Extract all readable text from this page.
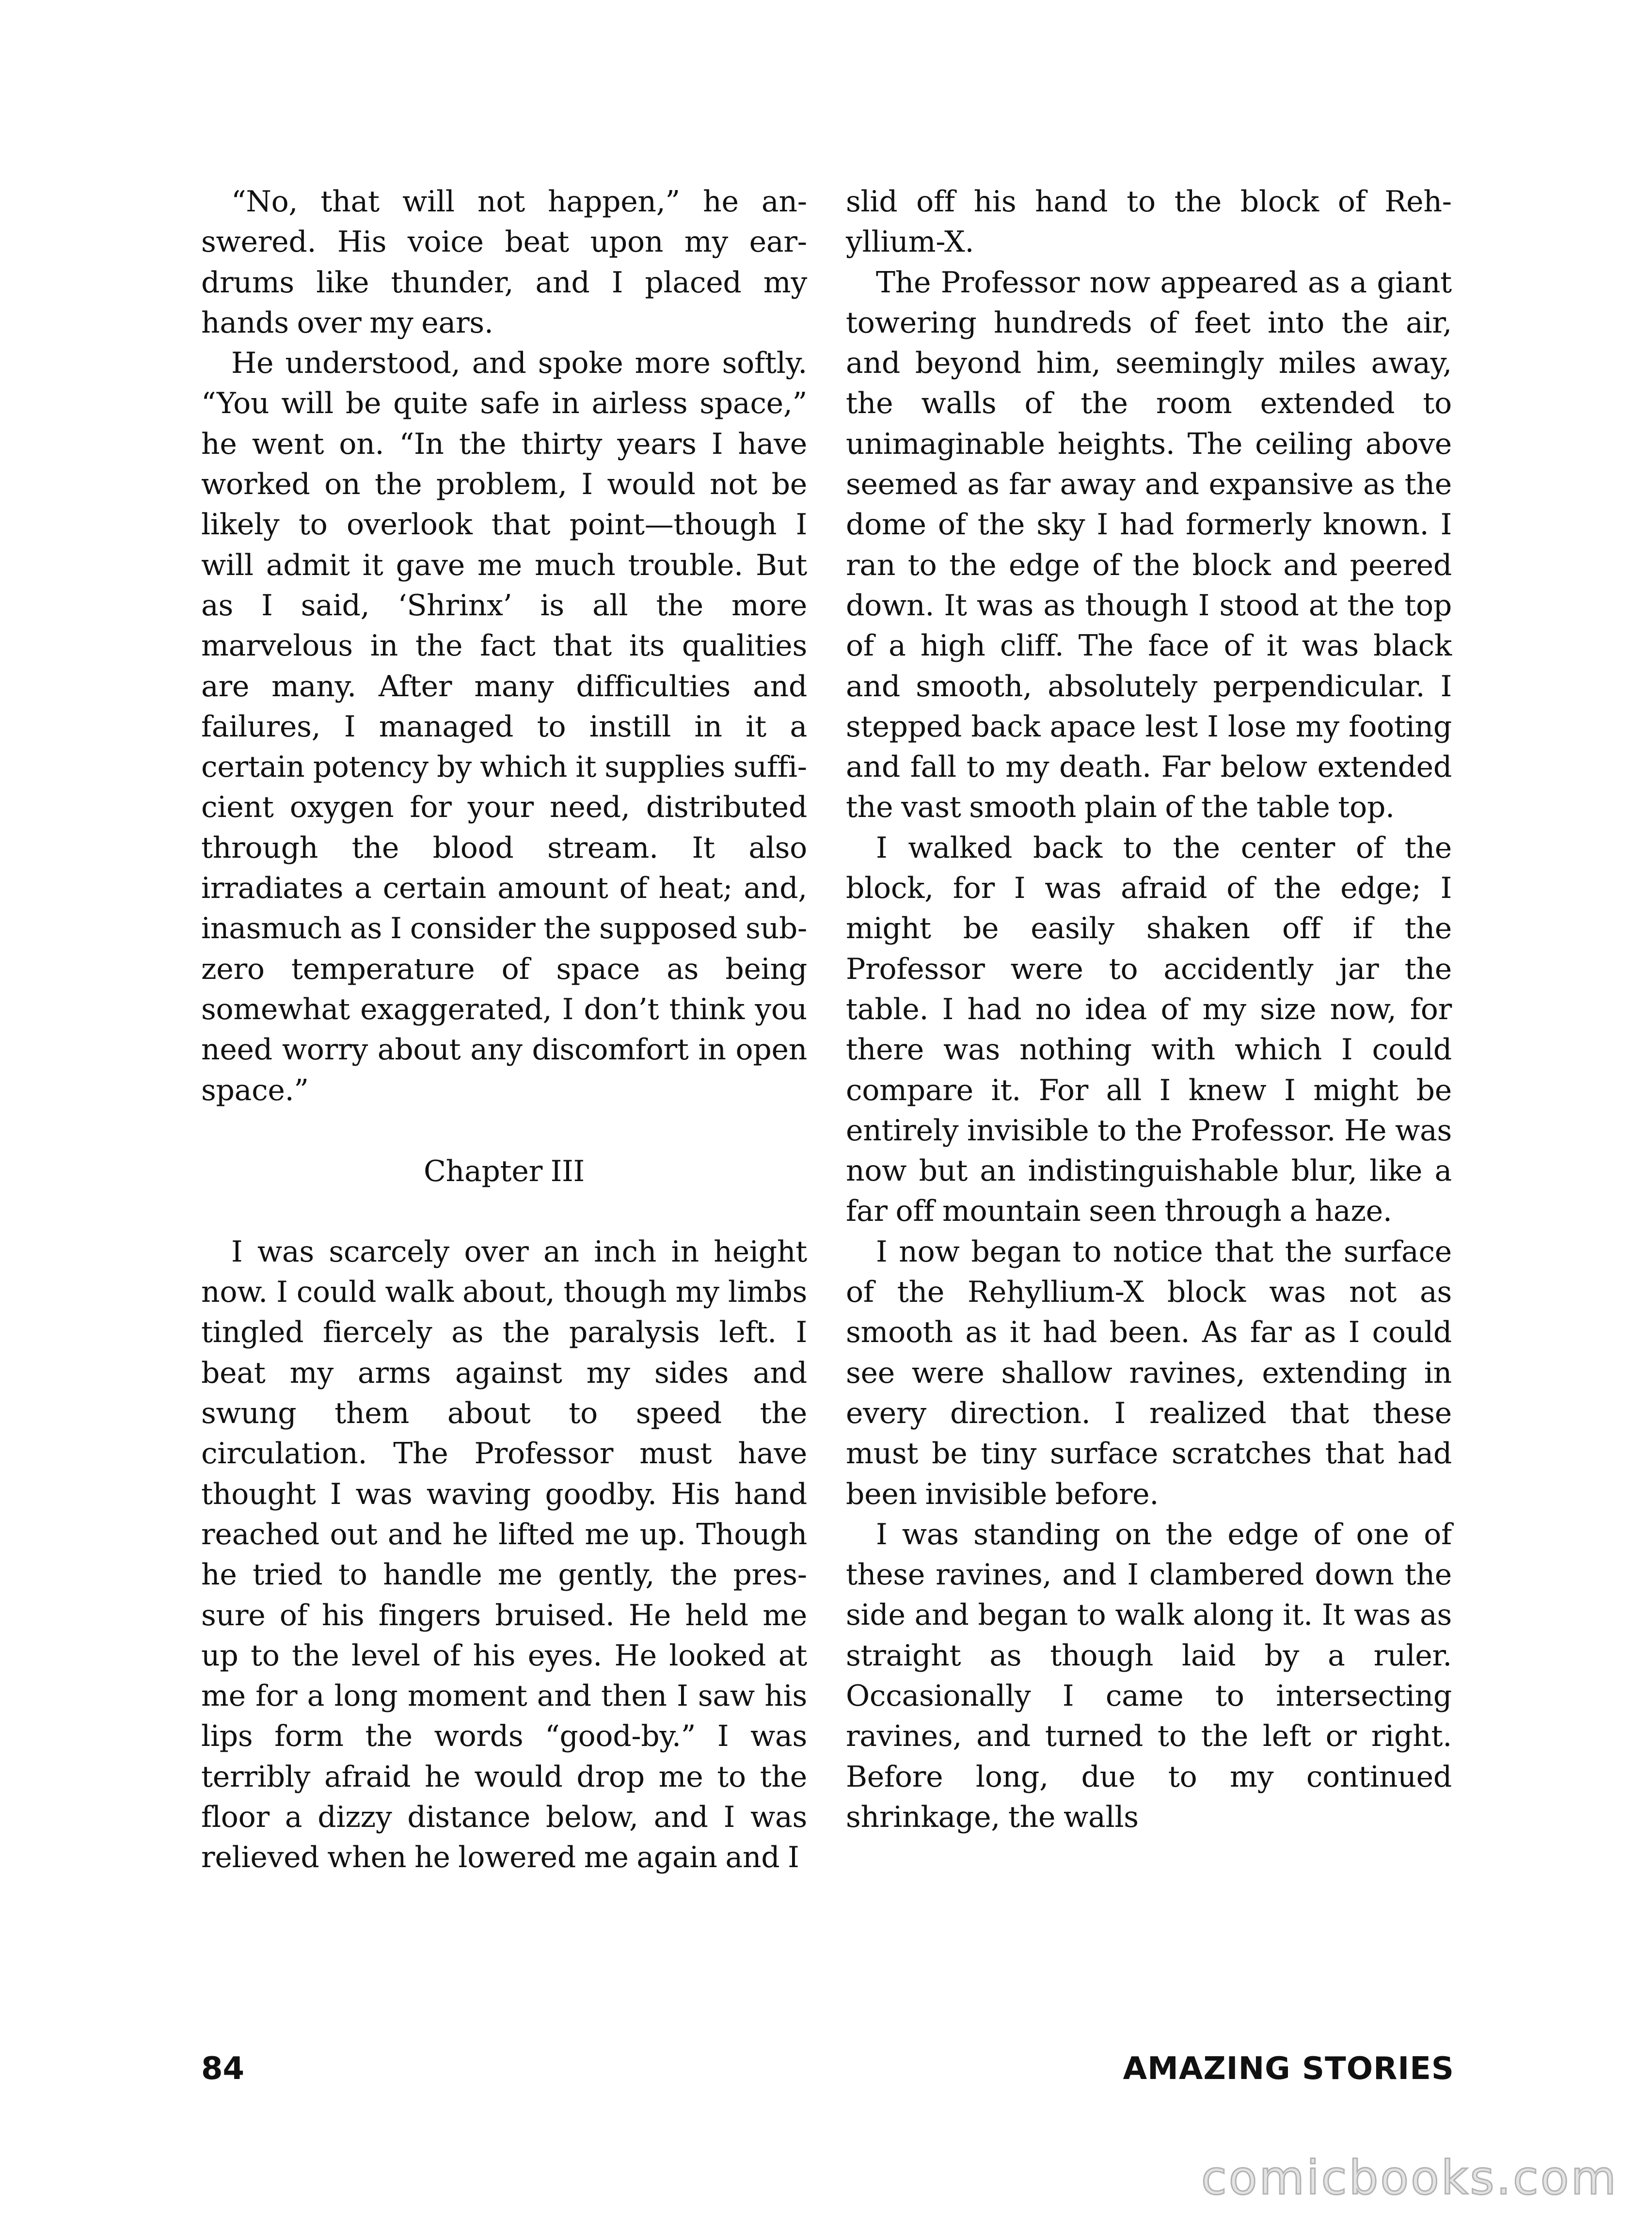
“No, that will not happen,” he answered. His voice beat upon my eardrums like thunder, and I placed my hands over my ears.

He understood, and spoke more softly. “You will be quite safe in airless space,” he went on. “In the thirty years I have worked on the problem, I would not be likely to overlook that point—though I will admit it gave me much trouble. But as I said, ‘Shrinx’ is all the more marvelous in the fact that its qualities are many. After many difficulties and failures, I managed to instill in it a certain potency by which it supplies sufficient oxygen for your need, distributed through the blood stream. It also irradiates a certain amount of heat; and, inasmuch as I consider the supposed sub-zero temperature of space as being somewhat exaggerated, I don’t think you need worry about any discomfort in open space.”

Chapter III

I was scarcely over an inch in height now. I could walk about, though my limbs tingled fiercely as the paralysis left. I beat my arms against my sides and swung them about to speed the circulation. The Professor must have thought I was waving goodby. His hand reached out and he lifted me up. Though he tried to handle me gently, the pressure of his fingers bruised. He held me up to the level of his eyes. He looked at me for a long moment and then I saw his lips form the words “good-by.” I was terribly afraid he would drop me to the floor a dizzy distance below, and I was relieved when he lowered me again and I

slid off his hand to the block of Rehyllium-X.

The Professor now appeared as a giant towering hundreds of feet into the air, and beyond him, seemingly miles away, the walls of the room extended to unimaginable heights. The ceiling above seemed as far away and expansive as the dome of the sky I had formerly known. I ran to the edge of the block and peered down. It was as though I stood at the top of a high cliff. The face of it was black and smooth, absolutely perpendicular. I stepped back apace lest I lose my footing and fall to my death. Far below extended the vast smooth plain of the table top.

I walked back to the center of the block, for I was afraid of the edge; I might be easily shaken off if the Professor were to accidently jar the table. I had no idea of my size now, for there was nothing with which I could compare it. For all I knew I might be entirely invisible to the Professor. He was now but an indistinguishable blur, like a far off mountain seen through a haze.

I now began to notice that the surface of the Rehyllium-X block was not as smooth as it had been. As far as I could see were shallow ravines, extending in every direction. I realized that these must be tiny surface scratches that had been invisible before.

I was standing on the edge of one of these ravines, and I clambered down the side and began to walk along it. It was as straight as though laid by a ruler. Occasionally I came to intersecting ravines, and turned to the left or right. Before long, due to my continued shrinkage, the walls

84	AMAZING STORIES
comicbooks.com
